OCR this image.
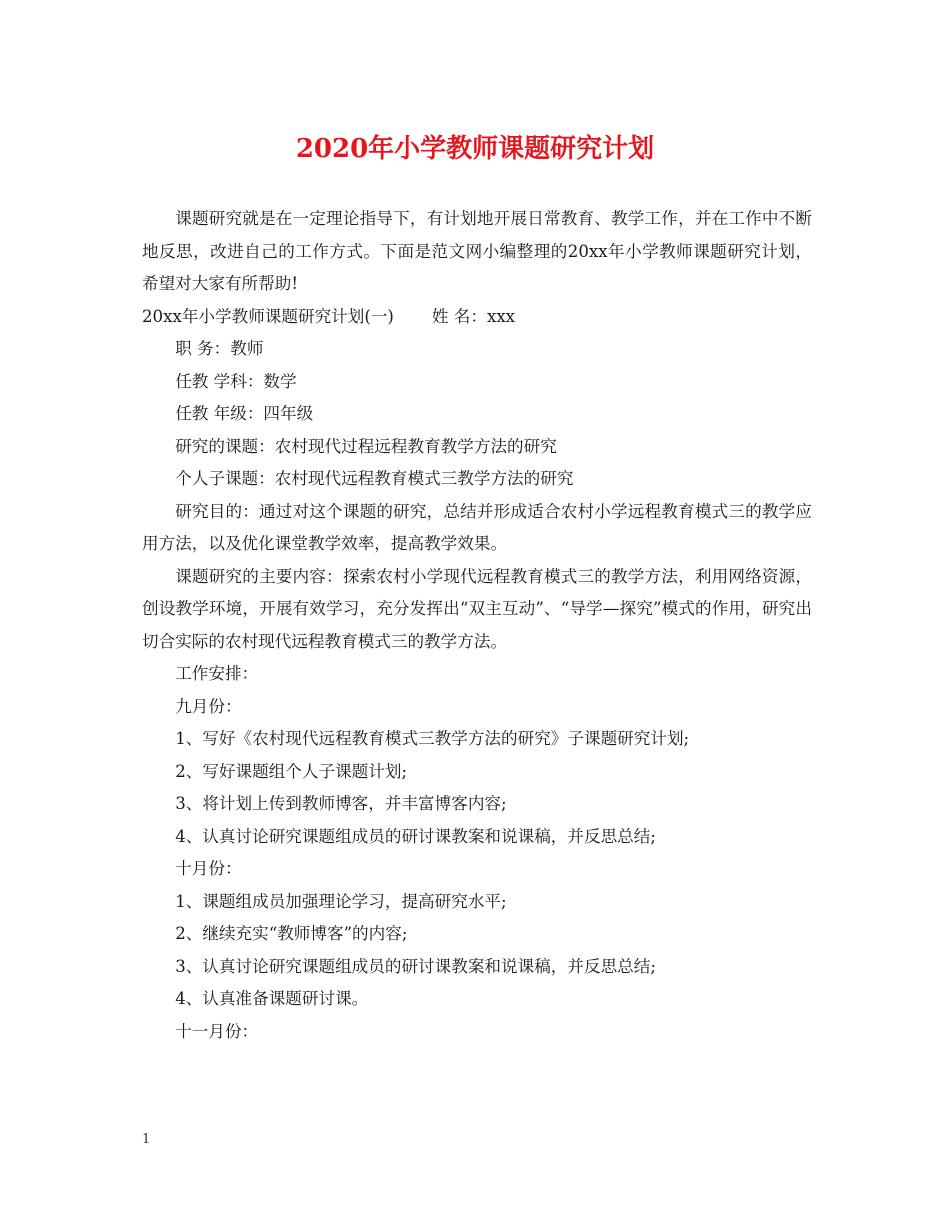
2020年小学教师课题研究计划

课题研究就是在一定理论指导下，有计划地开展日常教育、教学工作，并在工作中不断地反思，改进自己的工作方式。下面是范文网小编整理的20xx年小学教师课题研究计划，希望对大家有所帮助!

20xx年小学教师课题研究计划(一) 姓 名：xxx

职 务：教师

任教 学科：数学

任教 年级：四年级

研究的课题：农村现代过程远程教育教学方法的研究

个人子课题：农村现代远程教育模式三教学方法的研究

研究目的：通过对这个课题的研究，总结并形成适合农村小学远程教育模式三的教学应用方法，以及优化课堂教学效率，提高教学效果。

课题研究的主要内容：探索农村小学现代远程教育模式三的教学方法，利用网络资源，创设教学环境，开展有效学习，充分发挥出“双主互动”、“导学—探究”模式的作用，研究出切合实际的农村现代远程教育模式三的教学方法。

工作安排：

九月份：

1、写好《农村现代远程教育模式三教学方法的研究》子课题研究计划;

2、写好课题组个人子课题计划;

3、将计划上传到教师博客，并丰富博客内容;

4、认真讨论研究课题组成员的研讨课教案和说课稿，并反思总结;

十月份：

1、课题组成员加强理论学习，提高研究水平;

2、继续充实“教师博客”的内容;

3、认真讨论研究课题组成员的研讨课教案和说课稿，并反思总结;

4、认真准备课题研讨课。

十一月份：

1
